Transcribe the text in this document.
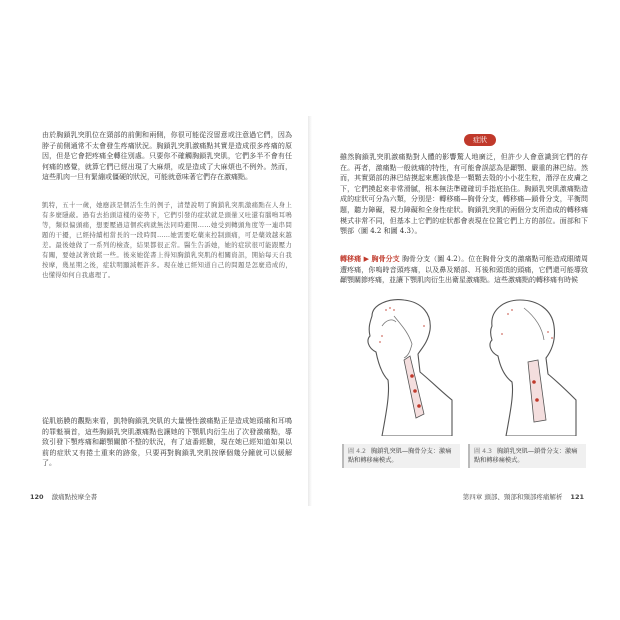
由於胸鎖乳突肌位在頸部的前側和兩側，你很可能從沒留意或注意過它們，因為脖子前側通常不太會發生疼痛狀況。胸鎖乳突肌激痛點其實是造成很多疼痛的原因，但是它會把疼痛全轉往別處。只要你不確觸胸鎖乳突肌，它們多半不會有任何痛的感覺，就算它們已經出現了大麻煩，或是造成了大麻煩也不例外。然而，這些肌肉一旦有緊繃或僵硬的狀況，可能就意味著它們存在激痛點。

凱特，五十一歲，她應該是個活生生的例子，清楚說明了胸鎖乳突肌激痛點在人身上有多麼隱蔽。過有去抬頭這樣的姿勢下，它們引發的症狀就是頭暈又吐還有腦鳴耳鳴等，類似偏頭痛，想要壓過這個疾病就無法同時避開……她受到轉頭角度等一連串問題的干擾，已經持續相當長的一段時間……她需要吃藥來控制頭痛，可是藥效越來越差。最後她做了一系列的檢查，結果都很正常。醫生告訴她，她的症狀很可能跟壓力有關，要她試著放鬆一些。後來她從書上得知胸鎖乳突肌的相關資訊，開始每天自我按摩，幾星期之後，症狀明顯減輕許多。現在她已經知道自己的問題是怎麼造成的，也懂得如何自我處理了。

從肌筋膜的觀點來看，凱特胸鎖乳突肌的大量慢性激痛點正是造成她頭痛和耳鳴的罪魁禍首，這些胸鎖乳突肌激痛點也讓她的下顎肌肉衍生出了次發激痛點，導致引發下顎疼痛和顳顎關節不整的狀況，有了這番經驗，現在她已經知道如果以前的症狀又有捲土重來的跡象，只要再對胸鎖乳突肌按摩個幾分鐘就可以緩解了。

120 激痛點按摩全書
症狀

雖然胸鎖乳突肌激痛點對人體的影響驚人地廣泛，但許少人會意識到它們的存在。再者，激痛點一般就痛的特性，有可能會誤認為是顳顎、嚴重的淋巴結。然而，其實頸部的淋巴結摸起來應該像是一顆顆去殼的小小花生粒，潛浮在皮膚之下，它們摸起來非常滑膩，根本無法準確確切手指底掐住。胸鎖乳突肌激痛點造成的症狀可分為六類，分別是：轉移痛—胸骨分支，轉移痛—鎖骨分支，平衡問題，聽力障礙，視力障礙和全身性症狀。胸鎖乳突肌的兩個分支所造成的轉移痛模式非常不同，但基本上它們的症狀都會表現在位置它們上方的部位。面部和下顎部（圖 4.2 和圖 4.3）。

轉移痛 ▶ 胸骨分支 胸骨分支（圖 4.2）。位在胸骨分支的激痛點可能造成眼睛周遭疼痛，你嗚時音頭疼痛，以及鼻及額部、耳後和頭頂的頭痛，它們還可能導致顳顎關節疼痛，並讓下顎肌肉衍生出衛星激痛點。這些激痛點的轉移痛有時候
圖 4.2 胸鎖乳突肌—胸骨分支：激痛點和轉移痛模式。
圖 4.3 胸鎖乳突肌—鎖骨分支：激痛點和轉移痛模式。
第四章 頭部、頸部和頸部疼痛解析 121
